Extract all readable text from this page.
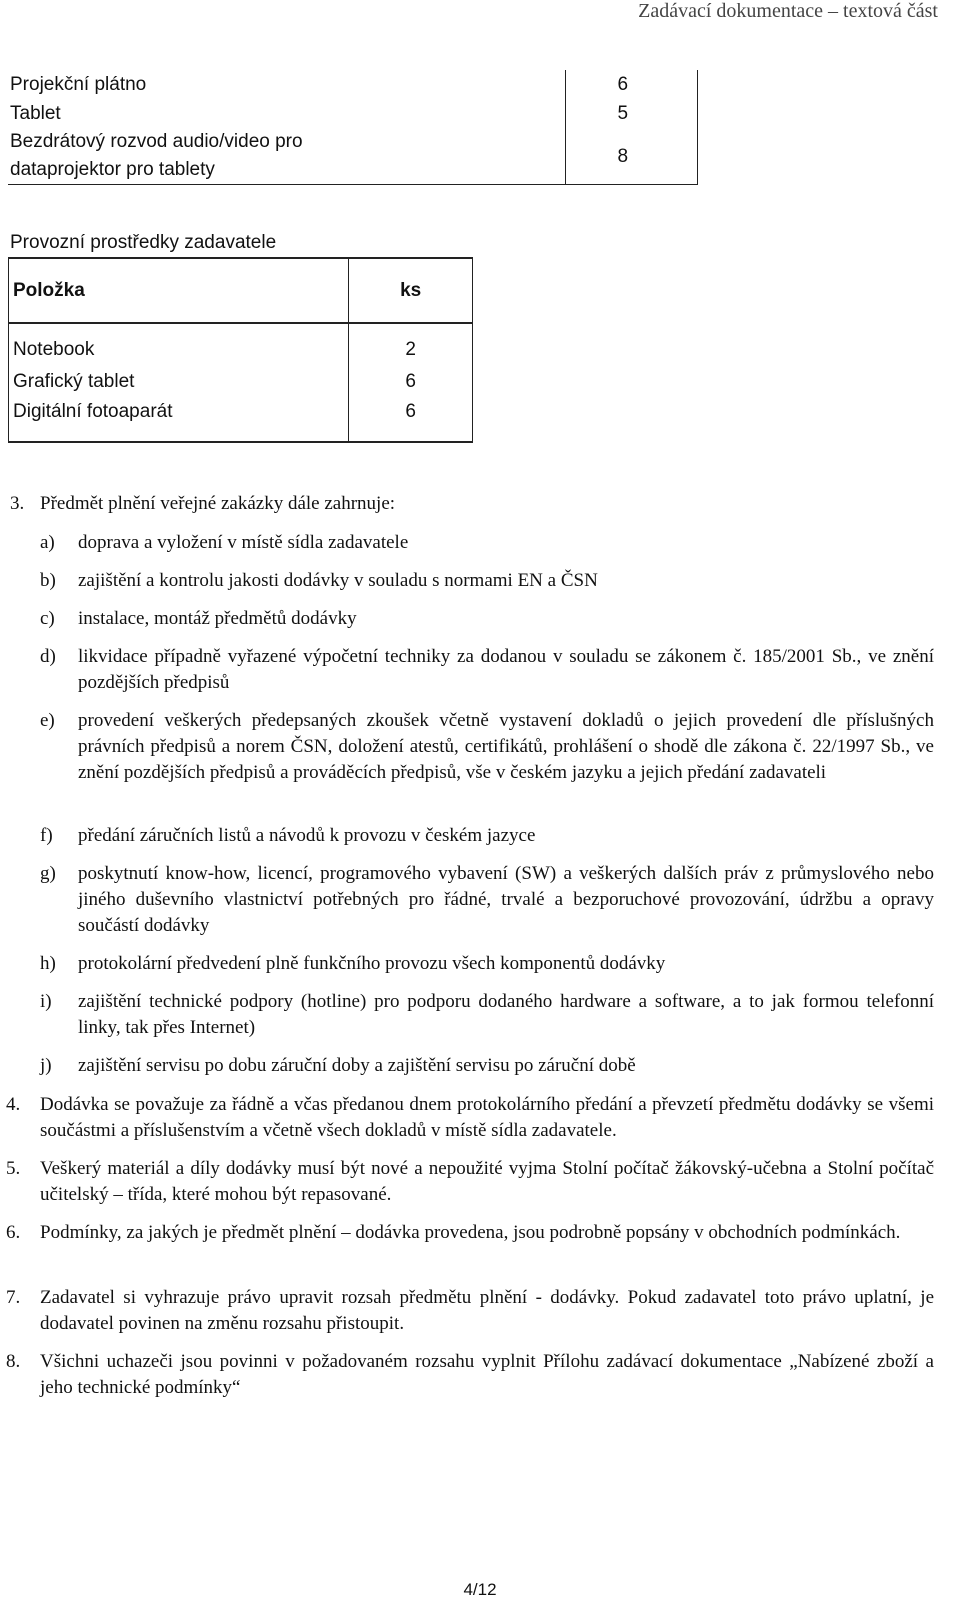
Zadávací dokumentace – textová část
Projekční plátno	6
Tablet	5
Bezdrátový rozvod audio/video pro dataprojektor pro tablety	8
Provozní prostředky zadavatele
Položka	ks
Notebook	2
Grafický tablet	6
Digitální fotoaparát	6
3. Předmět plnění veřejné zakázky dále zahrnuje:
a) doprava a vyložení v místě sídla zadavatele
b) zajištění a kontrolu jakosti dodávky v souladu s normami EN a ČSN
c) instalace, montáž předmětů dodávky
d) likvidace případně vyřazené výpočetní techniky za dodanou v souladu se zákonem č. 185/2001 Sb., ve znění pozdějších předpisů
e) provedení veškerých předepsaných zkoušek včetně vystavení dokladů o jejich provedení dle příslušných právních předpisů a norem ČSN, doložení atestů, certifikátů, prohlášení o shodě dle zákona č. 22/1997 Sb., ve znění pozdějších předpisů a prováděcích předpisů, vše v českém jazyku a jejich předání zadavateli
f) předání záručních listů a návodů k provozu v českém jazyce
g) poskytnutí know-how, licencí, programového vybavení (SW) a veškerých dalších práv z průmyslového nebo jiného duševního vlastnictví potřebných pro řádné, trvalé a bezporuchové provozování, údržbu a opravy součástí dodávky
h) protokolární předvedení plně funkčního provozu všech komponentů dodávky
i) zajištění technické podpory (hotline) pro podporu dodaného hardware a software, a to jak formou telefonní linky, tak přes Internet)
j) zajištění servisu po dobu záruční doby a zajištění servisu po záruční době
4. Dodávka se považuje za řádně a včas předanou dnem protokolárního předání a převzetí předmětu dodávky se všemi součástmi a příslušenstvím a včetně všech dokladů v místě sídla zadavatele.
5. Veškerý materiál a díly dodávky musí být nové a nepoužité vyjma Stolní počítač žákovský-učebna a Stolní počítač učitelský – třída, které mohou být repasované.
6. Podmínky, za jakých je předmět plnění – dodávka provedena, jsou podrobně popsány v obchodních podmínkách.
7. Zadavatel si vyhrazuje právo upravit rozsah předmětu plnění - dodávky. Pokud zadavatel toto právo uplatní, je dodavatel povinen na změnu rozsahu přistoupit.
8. Všichni uchazeči jsou povinni v požadovaném rozsahu vyplnit Přílohu zadávací dokumentace „Nabízené zboží a jeho technické podmínky“
4/12
